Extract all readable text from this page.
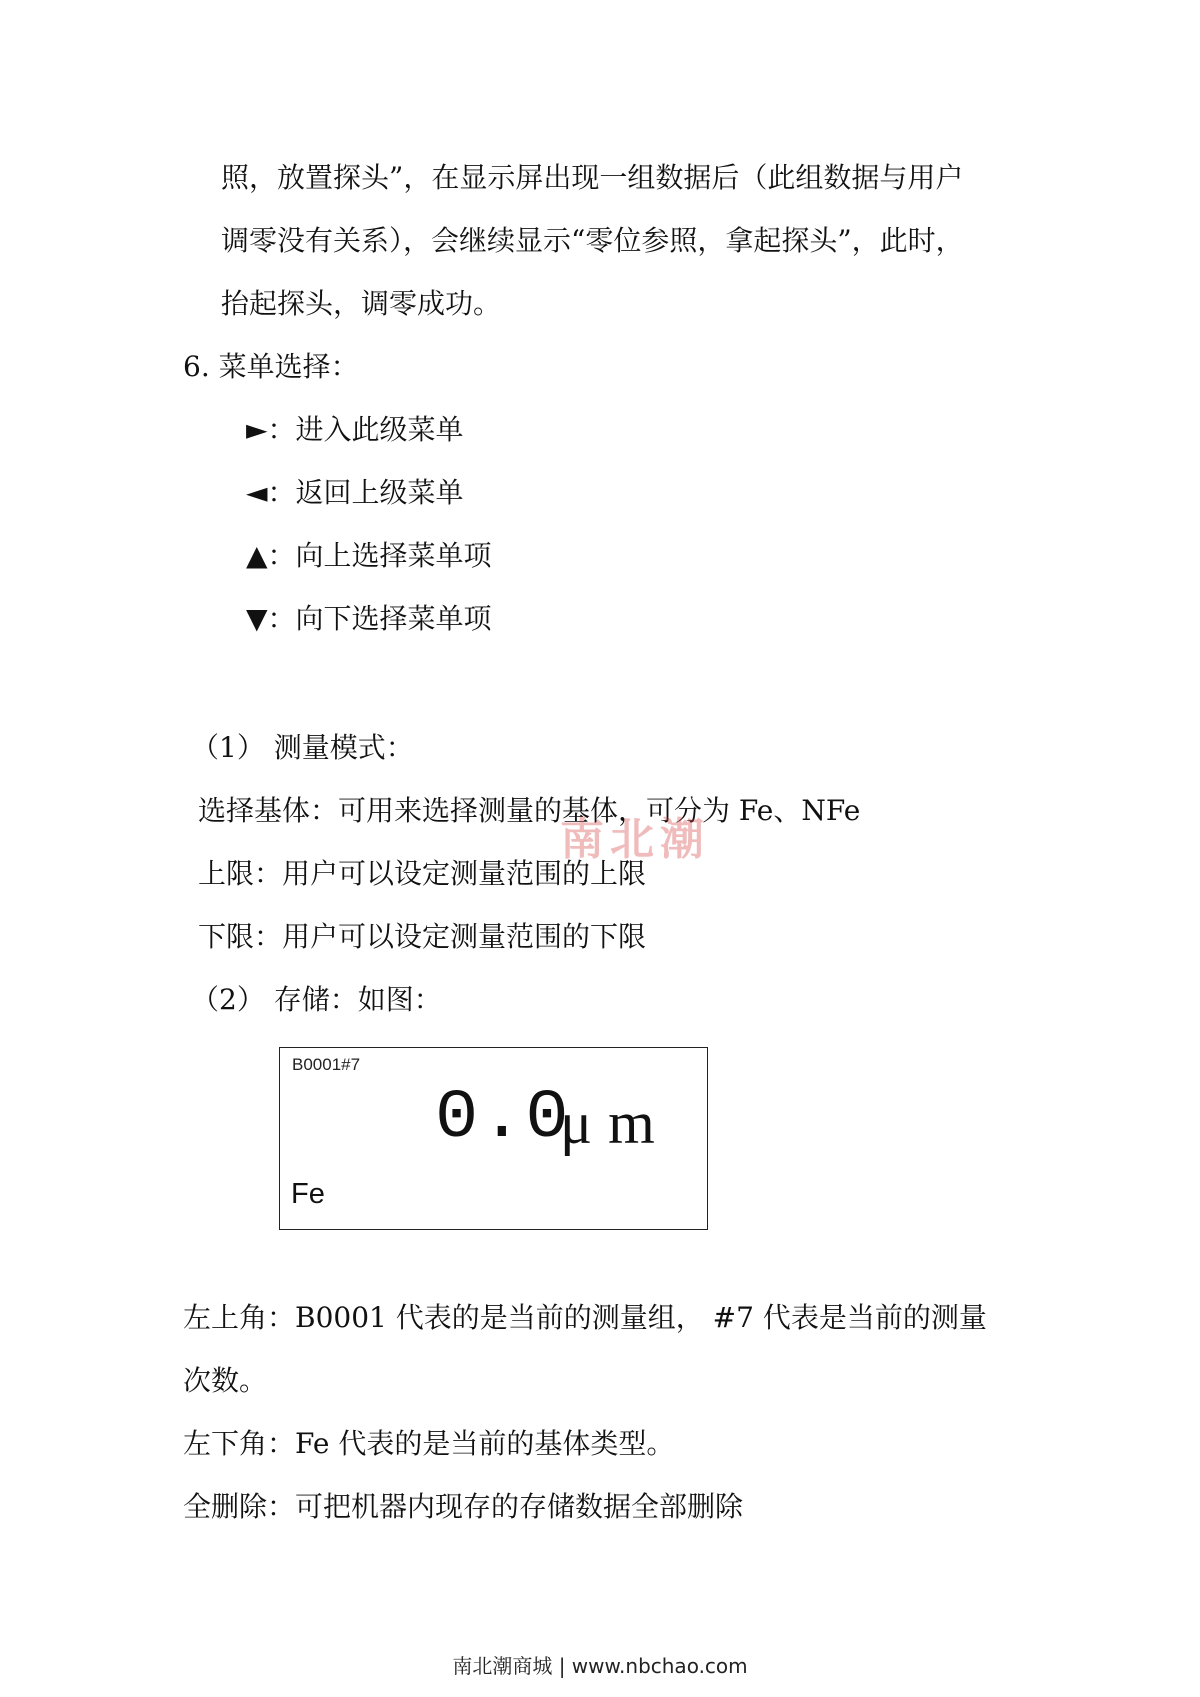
照，放置探头”，在显示屏出现一组数据后（此组数据与用户
调零没有关系），会继续显示“零位参照，拿起探头”，此时，
抬起探头，调零成功。
6. 菜单选择：
►：进入此级菜单
◄：返回上级菜单
▲：向上选择菜单项
▼：向下选择菜单项
（1） 测量模式：
选择基体：可用来选择测量的基体，可分为 Fe、NFe
上限：用户可以设定测量范围的上限
下限：用户可以设定测量范围的下限
（2） 存储：如图：
B0001#7
0.0
μm
Fe
左上角：B0001 代表的是当前的测量组， #7 代表是当前的测量
次数。
左下角：Fe 代表的是当前的基体类型。
全删除：可把机器内现存的存储数据全部删除
南北潮
南北潮商城 | www.nbchao.com
